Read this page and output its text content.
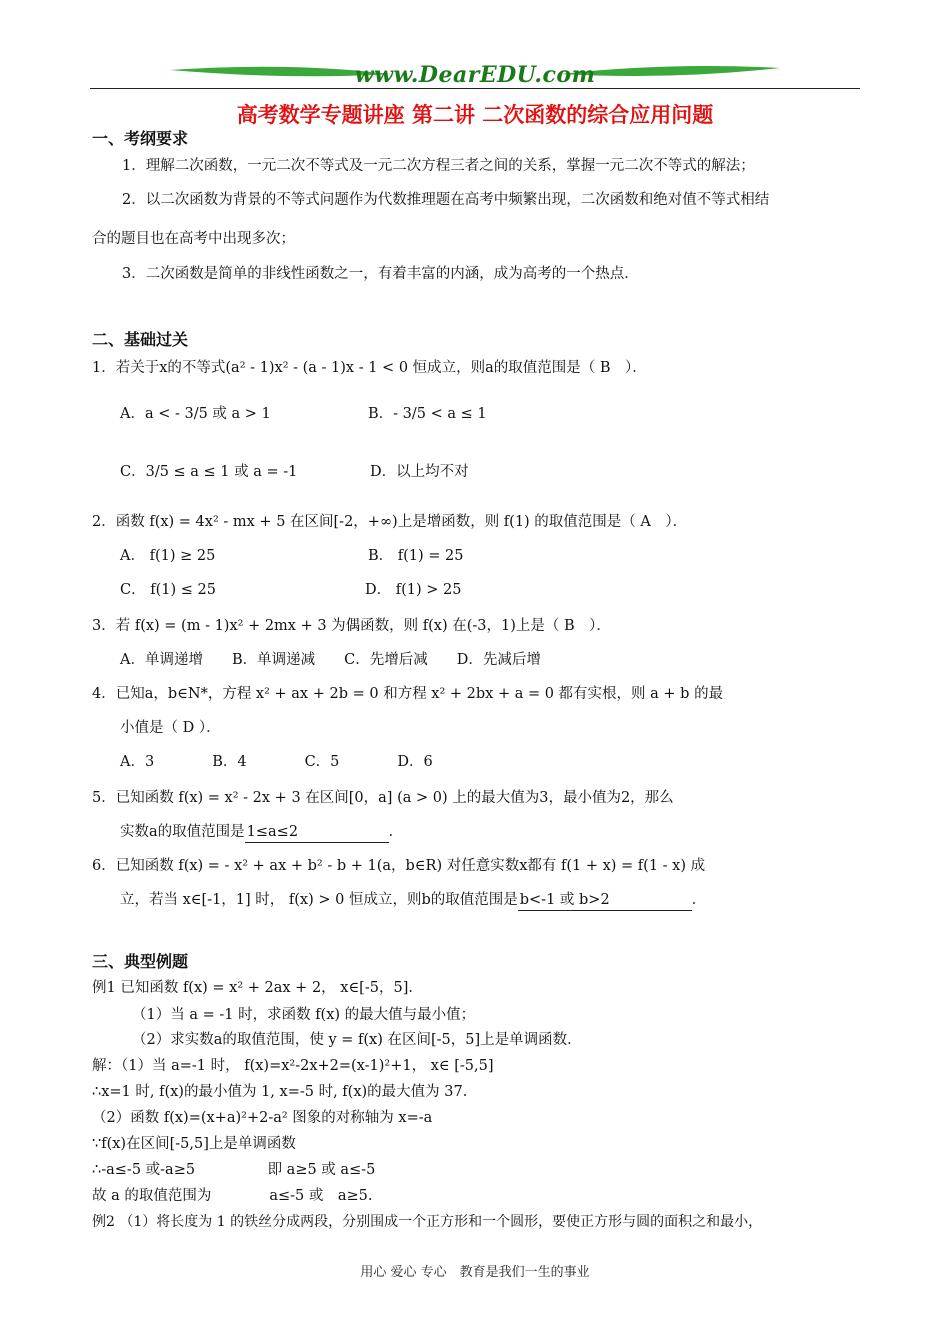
www.DearEDU.com
高考数学专题讲座 第二讲 二次函数的综合应用问题
一、考纲要求
1．理解二次函数，一元二次不等式及一元二次方程三者之间的关系，掌握一元二次不等式的解法；
2．以二次函数为背景的不等式问题作为代数推理题在高考中频繁出现，二次函数和绝对值不等式相结
合的题目也在高考中出现多次；
3．二次函数是简单的非线性函数之一，有着丰富的内涵，成为高考的一个热点．
二、基础过关
1．若关于x的不等式(a² - 1)x² - (a - 1)x - 1 < 0 恒成立，则a的取值范围是（ B　）．
A．a < - 3/5 或 a > 1	B．- 3/5 < a ≤ 1
C．3/5 ≤ a ≤ 1 或 a = -1	D．以上均不对
2．函数 f(x) = 4x² - mx + 5 在区间[-2，+∞)上是增函数，则 f(1) 的取值范围是（ A　）．
A． f(1) ≥ 25	B． f(1) = 25
C． f(1) ≤ 25	D． f(1) > 25
3．若 f(x) = (m - 1)x² + 2mx + 3 为偶函数，则 f(x) 在(-3，1)上是（ B　）．
A．单调递增　　B．单调递减　　C．先增后减　　D．先减后增
4．已知a，b∈N*，方程 x² + ax + 2b = 0 和方程 x² + 2bx + a = 0 都有实根，则 a + b 的最
小值是（ D ）．
A．3　　　　B．4　　　　C．5　　　　D．6
5．已知函数 f(x) = x² - 2x + 3 在区间[0，a] (a > 0) 上的最大值为3，最小值为2，那么
实数a的取值范围是 1≤a≤2	．
6．已知函数 f(x) = - x² + ax + b² - b + 1(a，b∈R) 对任意实数x都有 f(1 + x) = f(1 - x) 成
立，若当 x∈[-1，1] 时， f(x) > 0 恒成立，则b的取值范围是 b<-1 或 b>2	．
三、典型例题
例1 已知函数 f(x) = x² + 2ax + 2， x∈[-5，5]．
（1）当 a = -1 时，求函数 f(x) 的最大值与最小值；
（2）求实数a的取值范围，使 y = f(x) 在区间[-5，5]上是单调函数．
解：（1）当 a=-1 时， f(x)=x²-2x+2=(x-1)²+1， x∈ [-5,5]
∴x=1 时, f(x)的最小值为 1, x=-5 时, f(x)的最大值为 37.
（2）函数 f(x)=(x+a)²+2-a² 图象的对称轴为 x=-a
∵f(x)在区间[-5,5]上是单调函数
∴-a≤-5 或-a≥5　　　　　即 a≥5 或 a≤-5
故 a 的取值范围为　　　　a≤-5 或　a≥5.
例2 （1）将长度为 1 的铁丝分成两段，分别围成一个正方形和一个圆形，要使正方形与圆的面积之和最小，
用心 爱心 专心　教育是我们一生的事业
